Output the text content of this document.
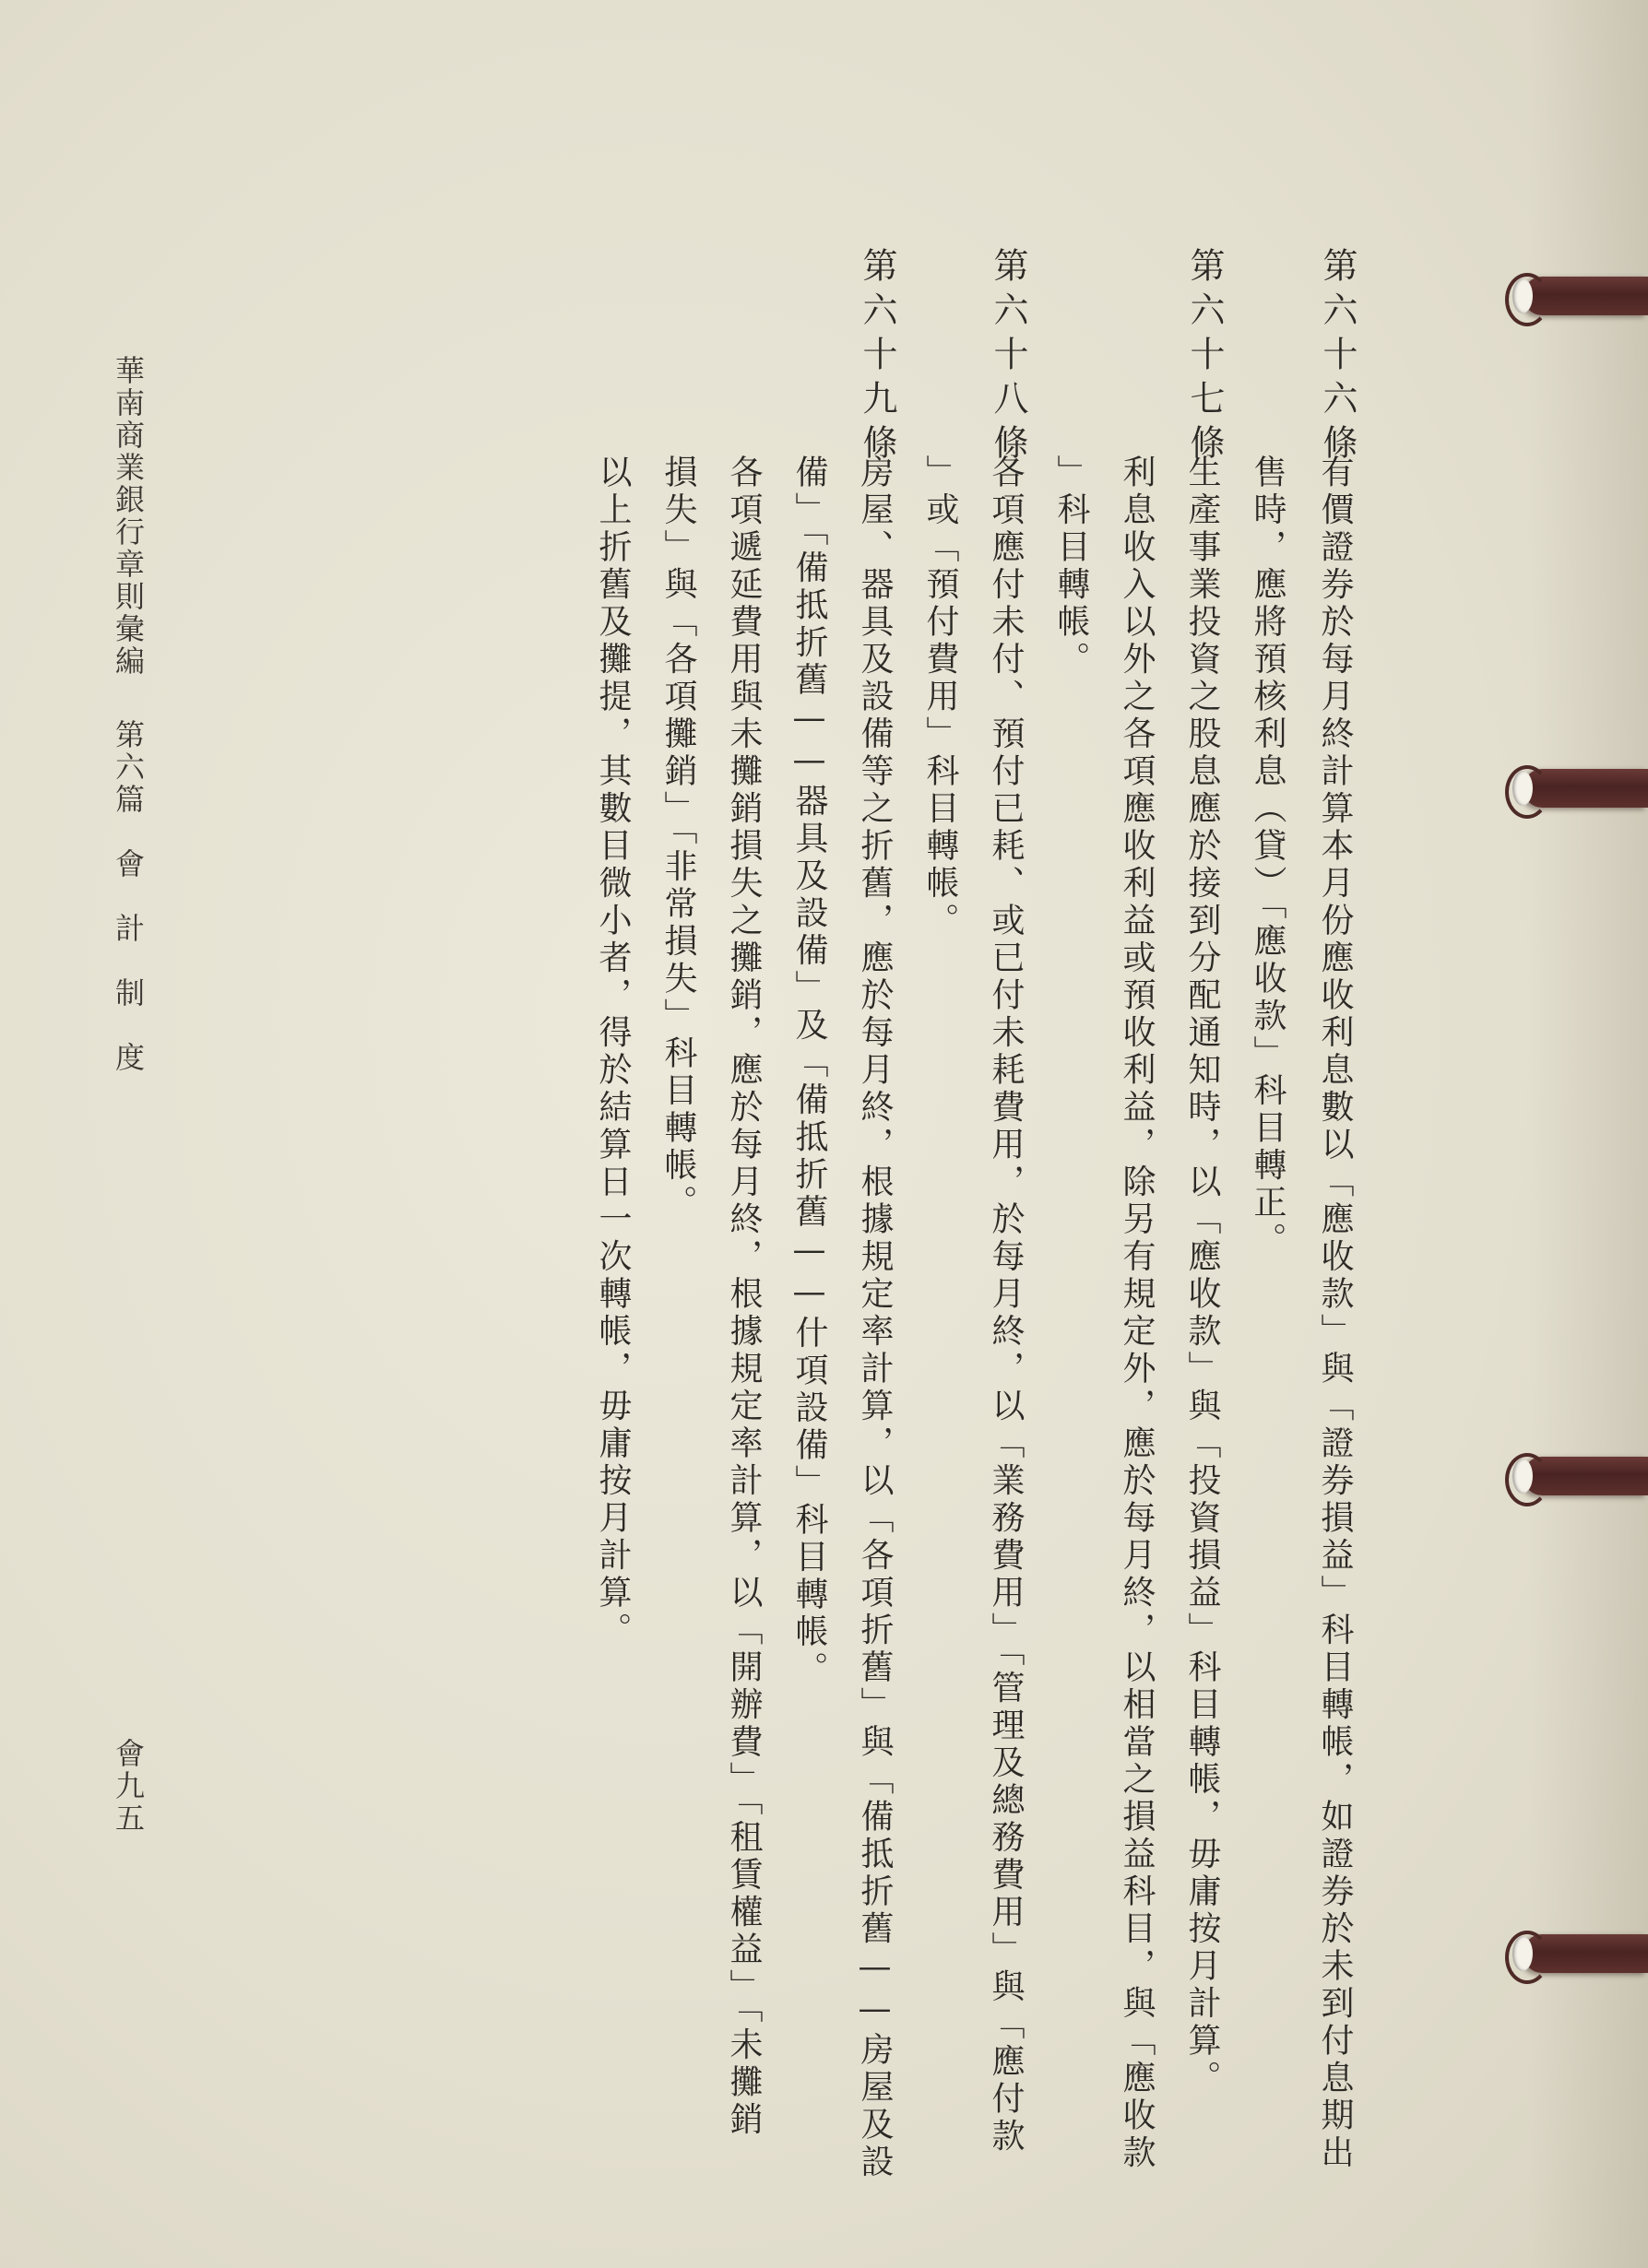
第六十六條
有價證券於每月終計算本月份應收利息數以「應收款」與「證券損益」科目轉帳，如證券於未到付息期出
售時，應將預核利息（貸）「應收款」科目轉正。
第六十七條
生產事業投資之股息應於接到分配通知時，以「應收款」與「投資損益」科目轉帳，毋庸按月計算。
利息收入以外之各項應收利益或預收利益，除另有規定外，應於每月終，以相當之損益科目，與「應收款
」科目轉帳。
第六十八條
各項應付未付、預付已耗、或已付未耗費用，於每月終，以「業務費用」「管理及總務費用」與「應付款
」或「預付費用」科目轉帳。
第六十九條
房屋、器具及設備等之折舊，應於每月終，根據規定率計算，以「各項折舊」與「備抵折舊——房屋及設
備」「備抵折舊——器具及設備」及「備抵折舊——什項設備」科目轉帳。
各項遞延費用與未攤銷損失之攤銷，應於每月終，根據規定率計算，以「開辦費」「租賃權益」「未攤銷
損失」與「各項攤銷」「非常損失」科目轉帳。
以上折舊及攤提，其數目微小者，得於結算日一次轉帳，毋庸按月計算。
華南商業銀行章則彙編
第六篇　會　計　制　度
會九五
